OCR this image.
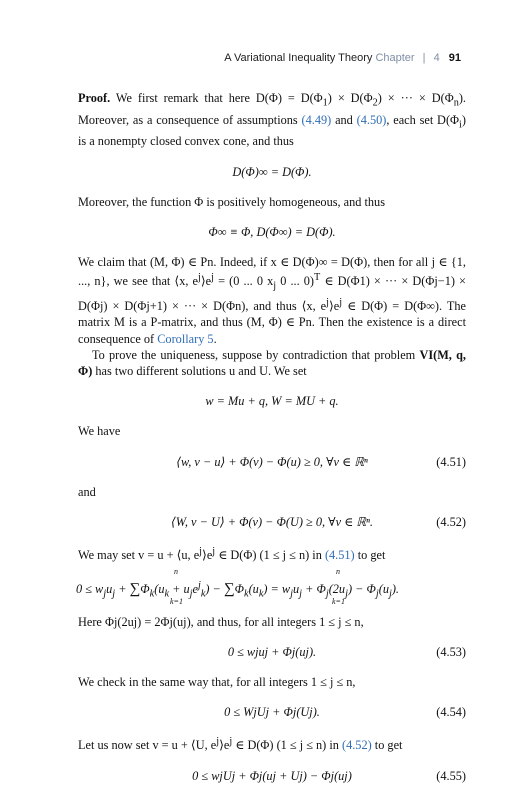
A Variational Inequality Theory Chapter | 4 91

Proof. We first remark that here $D(\Phi) = D(\Phi_1) \times D(\Phi_2)$ × ··· × $D(\Phi_n)$. Moreover, as a consequence of assumptions (4.49) and (4.50), each set $D(\Phi_i)$ is a nonempty closed convex cone, and thus

D(Φ)∞ = D(Φ).

Moreover, the function Φ is positively homogeneous, and thus

Φ∞ ≡ Φ, D(Φ∞) = D(Φ).

We claim that (M, Φ) ∈ Pn. Indeed, if x ∈ D(Φ)∞ = D(Φ), then for all j ∈ {1, ..., n}, we see that ⟨x, $e^j⟩e^j = (0$ ... 0 $x_j$ 0 ... 0)$^T$ ∈ D(Φ1) × ··· × D(Φj−1) × D(Φj) × D(Φj+1) × ··· × D(Φn), and thus ⟨x, $e^j⟩e^j$ ∈ D(Φ) = D(Φ∞). The matrix M is a P-matrix, and thus (M, Φ) ∈ Pn. Then the existence is a direct consequence of Corollary 5.

To prove the uniqueness, suppose by contradiction that problem VI(M, q, Φ) has two different solutions u and U. We set

w = Mu + q, W = MU + q.

We have

⟨w, v − u⟩ + Φ(v) − Φ(u) ≥ 0, ∀v ∈ ℝⁿ	(4.51)

and

⟨W, v − U⟩ + Φ(v) − Φ(U) ≥ 0, ∀v ∈ ℝⁿ.	(4.52)

We may set v = u + ⟨u, $e^j⟩e^j$ ∈ D(Φ) (1 ≤ j ≤ n) in (4.51) to get

n
k=1
n
k=1
$0 \le w_ju_j + \sum\Phi_k(u_k + u_je^j_k) - \sum\Phi_k(u_k) = w_ju_j + \Phi_j(2u_j) - \Phi_j(u_j)$.

Here Φj(2uj) = 2Φj(uj), and thus, for all integers 1 ≤ j ≤ n,

0 ≤ wjuj + Φj(uj).	(4.53)

We check in the same way that, for all integers 1 ≤ j ≤ n,

0 ≤ WjUj + Φj(Uj).	(4.54)

Let us now set v = u + ⟨U, $e^j⟩e^j$ ∈ D(Φ) (1 ≤ j ≤ n) in (4.52) to get

0 ≤ wjUj + Φj(uj + Uj) − Φj(uj)	(4.55)
